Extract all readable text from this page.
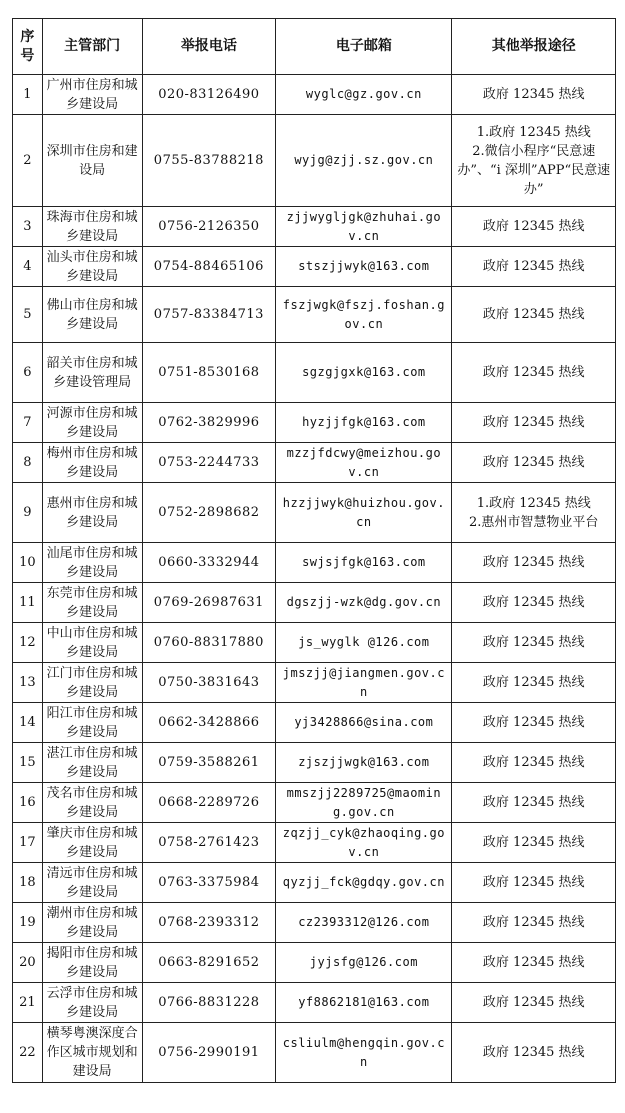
序号	主管部门	举报电话	电子邮箱	其他举报途径
1	广州市住房和城乡建设局	020-83126490	wyglc@gz.gov.cn	政府 12345 热线

2	深圳市住房和建设局	0755-83788218	wyjg@zjj.sz.gov.cn	1.政府 12345 热线
2.微信小程序“民意速办”、“i 深圳”APP“民意速办”

3	珠海市住房和城乡建设局	0756-2126350	zjjwygljgk@zhuhai.gov.cn	政府 12345 热线

4	汕头市住房和城乡建设局	0754-88465106	stszjjwyk@163.com	政府 12345 热线

5	佛山市住房和城乡建设局	0757-83384713	fszjwgk@fszj.foshan.gov.cn	政府 12345 热线

6	韶关市住房和城乡建设管理局	0751-8530168	sgzgjgxk@163.com	政府 12345 热线

7	河源市住房和城乡建设局	0762-3829996	hyzjjfgk@163.com	政府 12345 热线

8	梅州市住房和城乡建设局	0753-2244733	mzzjfdcwy@meizhou.gov.cn	政府 12345 热线

9	惠州市住房和城乡建设局	0752-2898682	hzzjjwyk@huizhou.gov.cn	1.政府 12345 热线
2.惠州市智慧物业平台

10	汕尾市住房和城乡建设局	0660-3332944	swjsjfgk@163.com	政府 12345 热线

11	东莞市住房和城乡建设局	0769-26987631	dgszjj-wzk@dg.gov.cn	政府 12345 热线

12	中山市住房和城乡建设局	0760-88317880	js_wyglk @126.com	政府 12345 热线

13	江门市住房和城乡建设局	0750-3831643	jmszjj@jiangmen.gov.cn	政府 12345 热线

14	阳江市住房和城乡建设局	0662-3428866	yj3428866@sina.com	政府 12345 热线

15	湛江市住房和城乡建设局	0759-3588261	zjszjjwgk@163.com	政府 12345 热线

16	茂名市住房和城乡建设局	0668-2289726	mmszjj2289725@maoming.gov.cn	政府 12345 热线

17	肇庆市住房和城乡建设局	0758-2761423	zqzjj_cyk@zhaoqing.gov.cn	政府 12345 热线

18	清远市住房和城乡建设局	0763-3375984	qyzjj_fck@gdqy.gov.cn	政府 12345 热线

19	潮州市住房和城乡建设局	0768-2393312	cz2393312@126.com	政府 12345 热线

20	揭阳市住房和城乡建设局	0663-8291652	jyjsfg@126.com	政府 12345 热线

21	云浮市住房和城乡建设局	0766-8831228	yf8862181@163.com	政府 12345 热线

22	横琴粤澳深度合作区城市规划和建设局	0756-2990191	csliulm@hengqin.gov.cn	政府 12345 热线
